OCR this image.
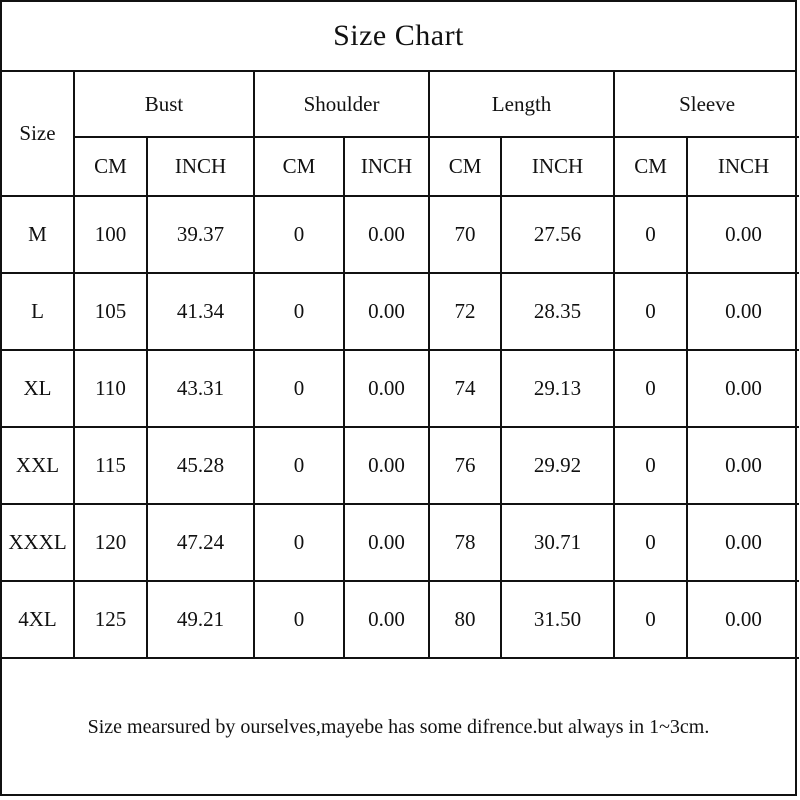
Size Chart
Size	Bust		Shoulder		Length		Sleeve	
	CM	INCH	CM	INCH	CM	INCH	CM	INCH
M	100	39.37	0	0.00	70	27.56	0	0.00
L	105	41.34	0	0.00	72	28.35	0	0.00
XL	110	43.31	0	0.00	74	29.13	0	0.00
XXL	115	45.28	0	0.00	76	29.92	0	0.00
XXXL	120	47.24	0	0.00	78	30.71	0	0.00
4XL	125	49.21	0	0.00	80	31.50	0	0.00
Size mearsured by ourselves,mayebe has some difrence.but always in 1~3cm.
